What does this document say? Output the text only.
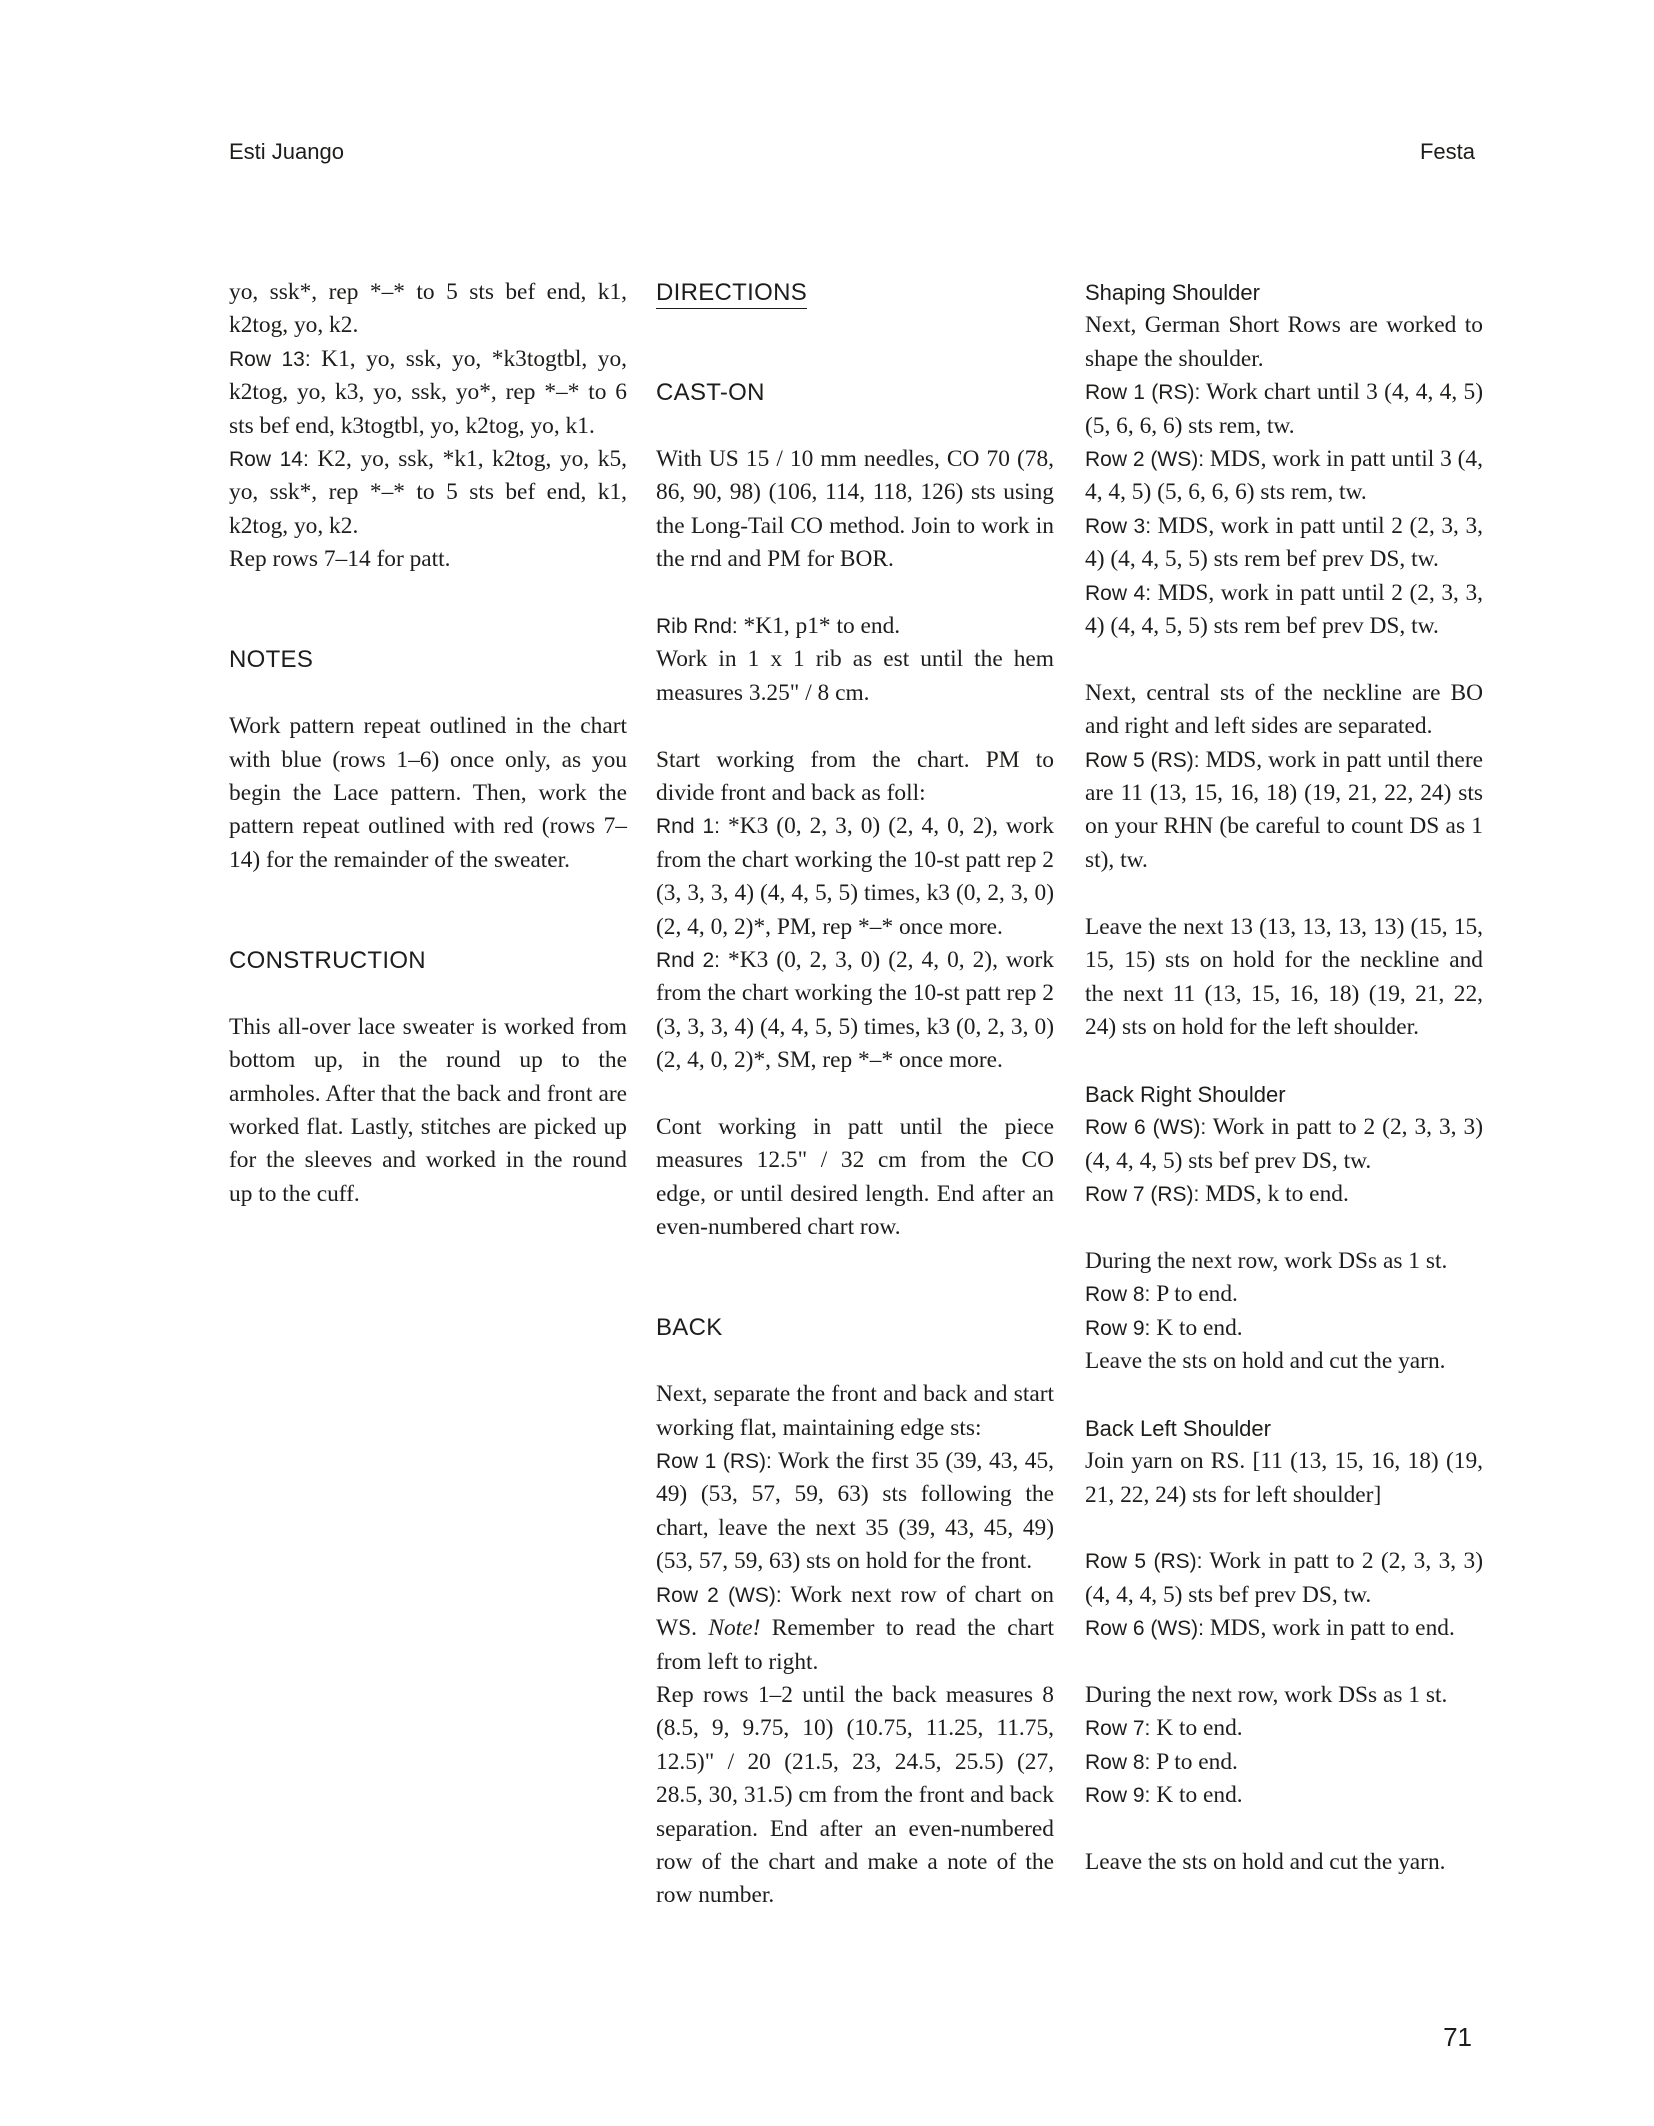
Esti Juango	Festa

yo, ssk*, rep *–* to 5 sts bef end, k1, k2tog, yo, k2.

Row 13: K1, yo, ssk, yo, *k3togtbl, yo, k2tog, yo, k3, yo, ssk, yo*, rep *–* to 6 sts bef end, k3togtbl, yo, k2tog, yo, k1.

Row 14: K2, yo, ssk, *k1, k2tog, yo, k5, yo, ssk*, rep *–* to 5 sts bef end, k1, k2tog, yo, k2.

Rep rows 7–14 for patt.

NOTES

Work pattern repeat outlined in the chart with blue (rows 1–6) once only, as you begin the Lace pattern. Then, work the pattern repeat outlined with red (rows 7–14) for the remainder of the sweater.

CONSTRUCTION

This all-over lace sweater is worked from bottom up, in the round up to the armholes. After that the back and front are worked flat. Lastly, stitches are picked up for the sleeves and worked in the round up to the cuff.

DIRECTIONS

CAST-ON

With US 15 / 10 mm needles, CO 70 (78, 86, 90, 98) (106, 114, 118, 126) sts using the Long-Tail CO method. Join to work in the rnd and PM for BOR.

Rib Rnd: *K1, p1* to end.

Work in 1 x 1 rib as est until the hem measures 3.25" / 8 cm.

Start working from the chart. PM to divide front and back as foll:

Rnd 1: *K3 (0, 2, 3, 0) (2, 4, 0, 2), work from the chart working the 10-st patt rep 2 (3, 3, 3, 4) (4, 4, 5, 5) times, k3 (0, 2, 3, 0) (2, 4, 0, 2)*, PM, rep *–* once more.

Rnd 2: *K3 (0, 2, 3, 0) (2, 4, 0, 2), work from the chart working the 10-st patt rep 2 (3, 3, 3, 4) (4, 4, 5, 5) times, k3 (0, 2, 3, 0) (2, 4, 0, 2)*, SM, rep *–* once more.

Cont working in patt until the piece measures 12.5" / 32 cm from the CO edge, or until desired length. End after an even-numbered chart row.

BACK

Next, separate the front and back and start working flat, maintaining edge sts:

Row 1 (RS): Work the first 35 (39, 43, 45, 49) (53, 57, 59, 63) sts following the chart, leave the next 35 (39, 43, 45, 49) (53, 57, 59, 63) sts on hold for the front.

Row 2 (WS): Work next row of chart on WS. Note! Remember to read the chart from left to right.

Rep rows 1–2 until the back measures 8 (8.5, 9, 9.75, 10) (10.75, 11.25, 11.75, 12.5)" / 20 (21.5, 23, 24.5, 25.5) (27, 28.5, 30, 31.5) cm from the front and back separation. End after an even-numbered row of the chart and make a note of the row number.

Shaping Shoulder

Next, German Short Rows are worked to shape the shoulder.

Row 1 (RS): Work chart until 3 (4, 4, 4, 5) (5, 6, 6, 6) sts rem, tw.

Row 2 (WS): MDS, work in patt until 3 (4, 4, 4, 5) (5, 6, 6, 6) sts rem, tw.

Row 3: MDS, work in patt until 2 (2, 3, 3, 4) (4, 4, 5, 5) sts rem bef prev DS, tw.

Row 4: MDS, work in patt until 2 (2, 3, 3, 4) (4, 4, 5, 5) sts rem bef prev DS, tw.

Next, central sts of the neckline are BO and right and left sides are separated.

Row 5 (RS): MDS, work in patt until there are 11 (13, 15, 16, 18) (19, 21, 22, 24) sts on your RHN (be careful to count DS as 1 st), tw.

Leave the next 13 (13, 13, 13, 13) (15, 15, 15, 15) sts on hold for the neckline and the next 11 (13, 15, 16, 18) (19, 21, 22, 24) sts on hold for the left shoulder.

Back Right Shoulder

Row 6 (WS): Work in patt to 2 (2, 3, 3, 3) (4, 4, 4, 5) sts bef prev DS, tw.

Row 7 (RS): MDS, k to end.

During the next row, work DSs as 1 st.

Row 8: P to end.

Row 9: K to end.

Leave the sts on hold and cut the yarn.

Back Left Shoulder

Join yarn on RS. [11 (13, 15, 16, 18) (19, 21, 22, 24) sts for left shoulder]

Row 5 (RS): Work in patt to 2 (2, 3, 3, 3) (4, 4, 4, 5) sts bef prev DS, tw.

Row 6 (WS): MDS, work in patt to end.

During the next row, work DSs as 1 st.

Row 7: K to end.

Row 8: P to end.

Row 9: K to end.

Leave the sts on hold and cut the yarn.

71
